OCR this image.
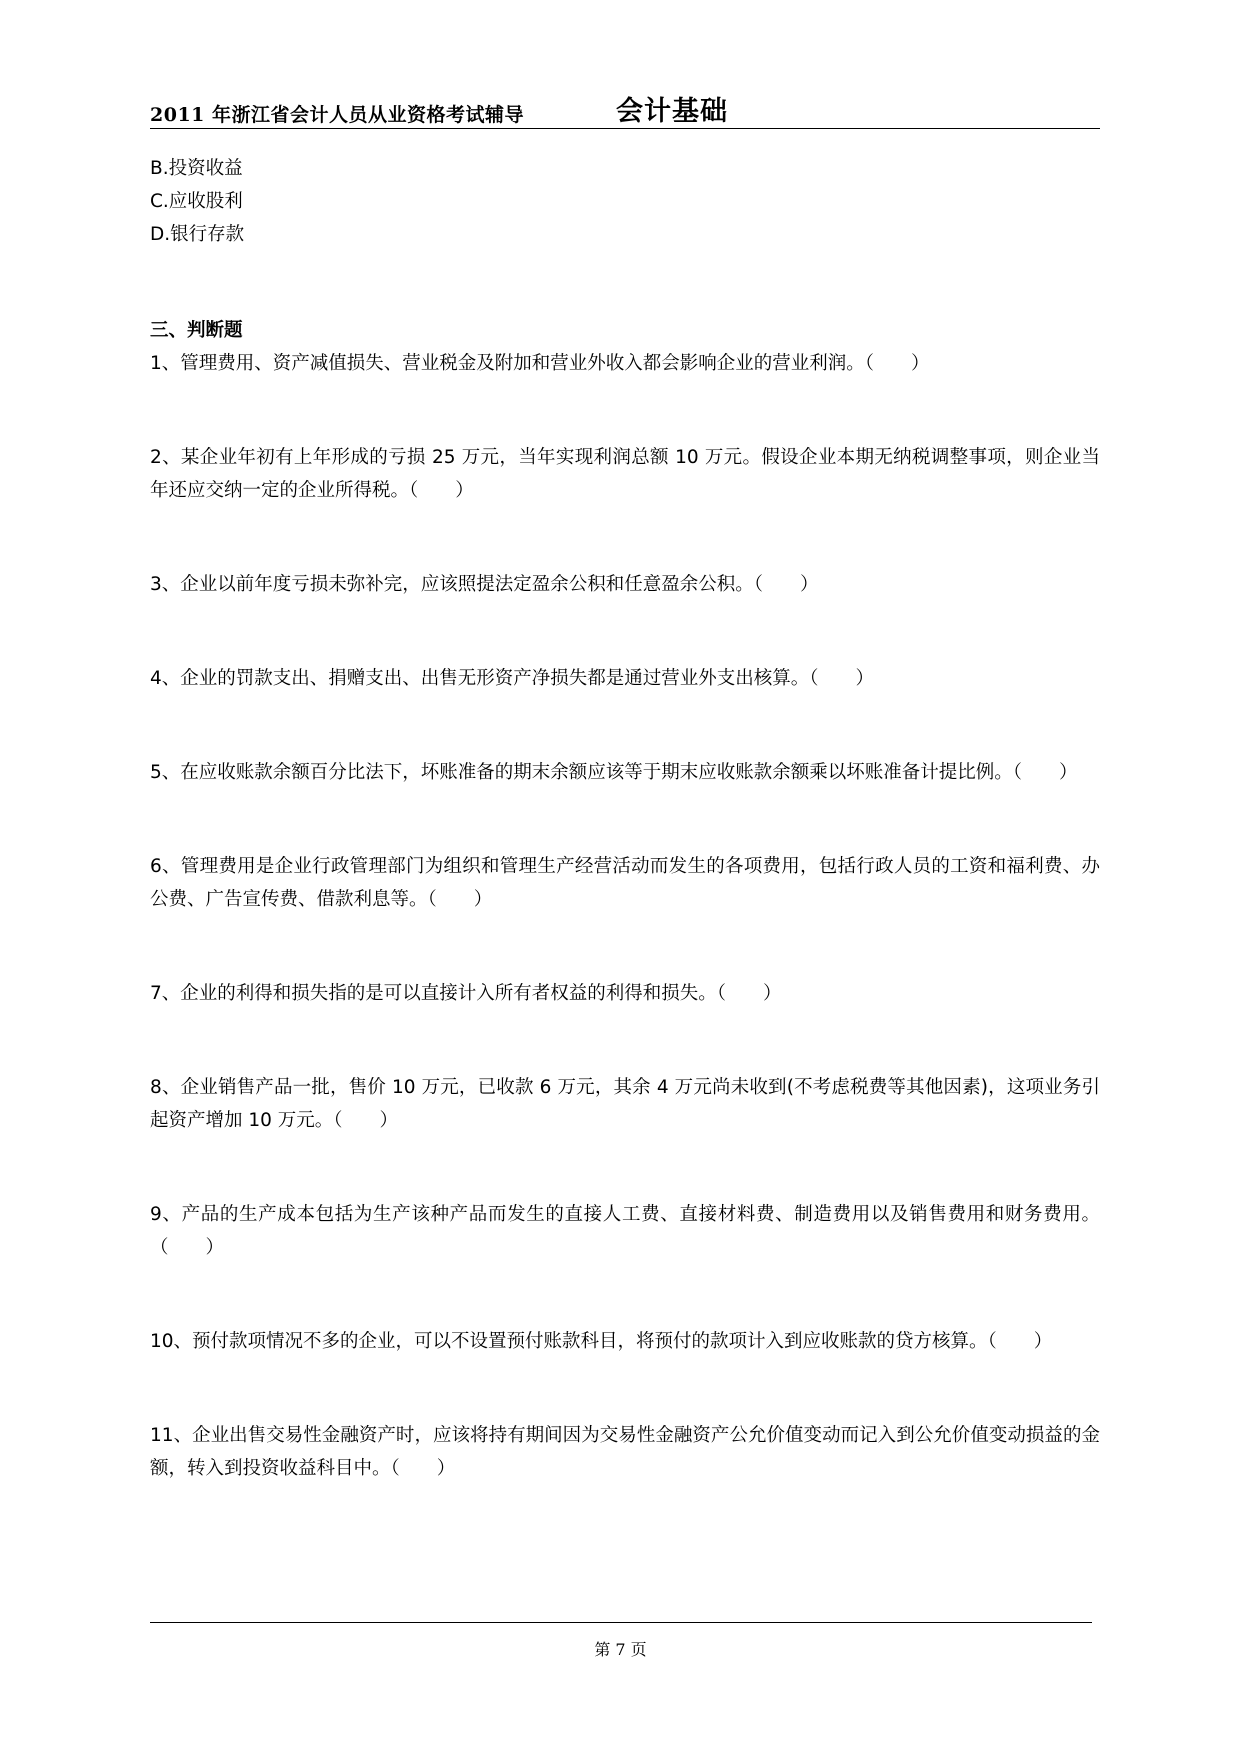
2011 年浙江省会计人员从业资格考试辅导	会计基础
B.投资收益
C.应收股利
D.银行存款
三、判断题
1、管理费用、资产减值损失、营业税金及附加和营业外收入都会影响企业的营业利润。（　　）
2、某企业年初有上年形成的亏损 25 万元，当年实现利润总额 10 万元。假设企业本期无纳税调整事项，则企业当年还应交纳一定的企业所得税。（　　）
3、企业以前年度亏损未弥补完，应该照提法定盈余公积和任意盈余公积。（　　）
4、企业的罚款支出、捐赠支出、出售无形资产净损失都是通过营业外支出核算。（　　）
5、在应收账款余额百分比法下，坏账准备的期末余额应该等于期末应收账款余额乘以坏账准备计提比例。（　　）
6、管理费用是企业行政管理部门为组织和管理生产经营活动而发生的各项费用，包括行政人员的工资和福利费、办公费、广告宣传费、借款利息等。（　　）
7、企业的利得和损失指的是可以直接计入所有者权益的利得和损失。（　　）
8、企业销售产品一批，售价 10 万元，已收款 6 万元，其余 4 万元尚未收到(不考虑税费等其他因素)，这项业务引起资产增加 10 万元。（　　）
9、产品的生产成本包括为生产该种产品而发生的直接人工费、直接材料费、制造费用以及销售费用和财务费用。（　　）
10、预付款项情况不多的企业，可以不设置预付账款科目，将预付的款项计入到应收账款的贷方核算。（　　）
11、企业出售交易性金融资产时，应该将持有期间因为交易性金融资产公允价值变动而记入到公允价值变动损益的金额，转入到投资收益科目中。（　　）
第 7 页
